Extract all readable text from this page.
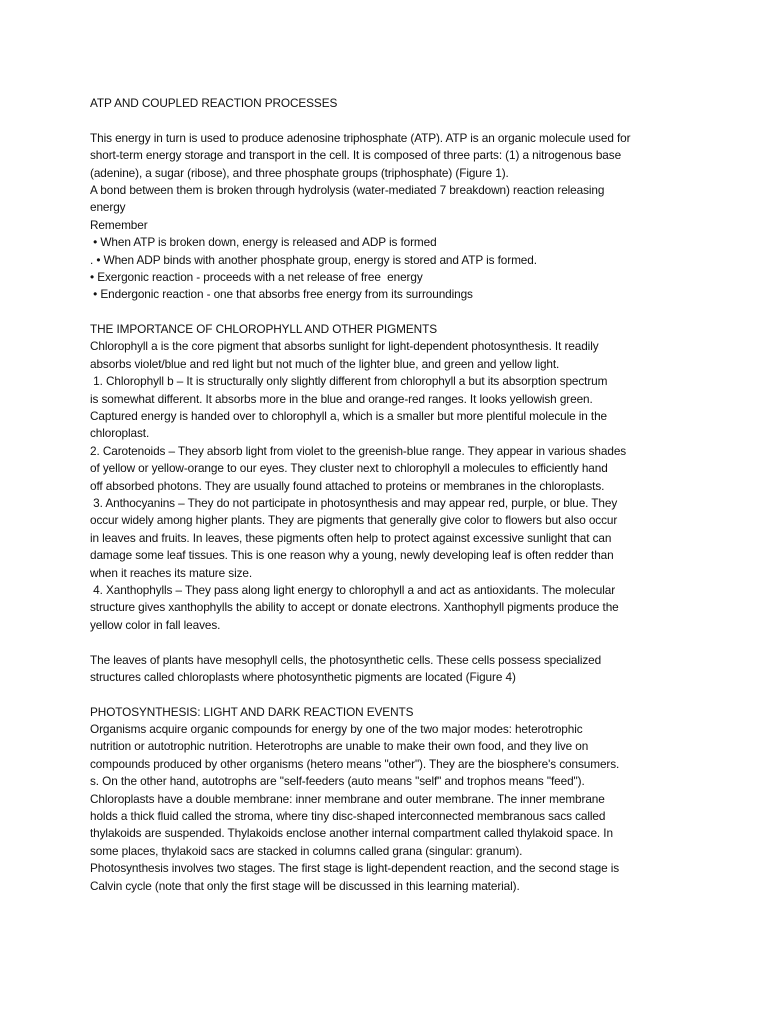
ATP AND COUPLED REACTION PROCESSES
This energy in turn is used to produce adenosine triphosphate (ATP). ATP is an organic molecule used for
short-term energy storage and transport in the cell. It is composed of three parts: (1) a nitrogenous base
(adenine), a sugar (ribose), and three phosphate groups (triphosphate) (Figure 1).
A bond between them is broken through hydrolysis (water-mediated 7 breakdown) reaction releasing
energy
Remember
• When ATP is broken down, energy is released and ADP is formed
. • When ADP binds with another phosphate group, energy is stored and ATP is formed.
• Exergonic reaction - proceeds with a net release of free  energy
• Endergonic reaction - one that absorbs free energy from its surroundings
THE IMPORTANCE OF CHLOROPHYLL AND OTHER PIGMENTS
Chlorophyll a is the core pigment that absorbs sunlight for light-dependent photosynthesis. It readily
absorbs violet/blue and red light but not much of the lighter blue, and green and yellow light.
1. Chlorophyll b – It is structurally only slightly different from chlorophyll a but its absorption spectrum
is somewhat different. It absorbs more in the blue and orange-red ranges. It looks yellowish green.
Captured energy is handed over to chlorophyll a, which is a smaller but more plentiful molecule in the
chloroplast.
2. Carotenoids – They absorb light from violet to the greenish-blue range. They appear in various shades
of yellow or yellow-orange to our eyes. They cluster next to chlorophyll a molecules to efficiently hand
off absorbed photons. They are usually found attached to proteins or membranes in the chloroplasts.
3. Anthocyanins – They do not participate in photosynthesis and may appear red, purple, or blue. They
occur widely among higher plants. They are pigments that generally give color to flowers but also occur
in leaves and fruits. In leaves, these pigments often help to protect against excessive sunlight that can
damage some leaf tissues. This is one reason why a young, newly developing leaf is often redder than
when it reaches its mature size.
4. Xanthophylls – They pass along light energy to chlorophyll a and act as antioxidants. The molecular
structure gives xanthophylls the ability to accept or donate electrons. Xanthophyll pigments produce the
yellow color in fall leaves.
The leaves of plants have mesophyll cells, the photosynthetic cells. These cells possess specialized
structures called chloroplasts where photosynthetic pigments are located (Figure 4)
PHOTOSYNTHESIS: LIGHT AND DARK REACTION EVENTS
Organisms acquire organic compounds for energy by one of the two major modes: heterotrophic
nutrition or autotrophic nutrition. Heterotrophs are unable to make their own food, and they live on
compounds produced by other organisms (hetero means "other"). They are the biosphere's consumers.
s. On the other hand, autotrophs are "self-feeders (auto means "self" and trophos means "feed").
Chloroplasts have a double membrane: inner membrane and outer membrane. The inner membrane
holds a thick fluid called the stroma, where tiny disc-shaped interconnected membranous sacs called
thylakoids are suspended. Thylakoids enclose another internal compartment called thylakoid space. In
some places, thylakoid sacs are stacked in columns called grana (singular: granum).
Photosynthesis involves two stages. The first stage is light-dependent reaction, and the second stage is
Calvin cycle (note that only the first stage will be discussed in this learning material).
